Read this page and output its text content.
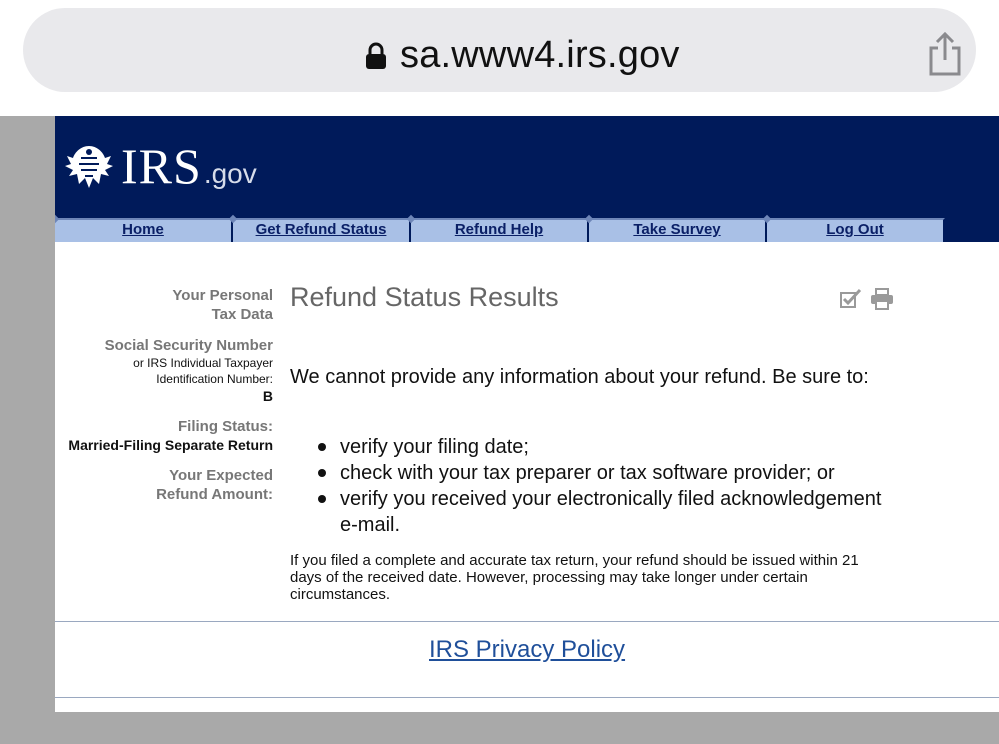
sa.www4.irs.gov
IRS .gov
Home	Get Refund Status	Refund Help	Take Survey	Log Out
Your Personal
Tax Data
Social Security Number
or IRS Individual Taxpayer
Identification Number:
B
Filing Status:
Married-Filing Separate Return
Your Expected
Refund Amount:
Refund Status Results

We cannot provide any information about your refund. Be sure to:

verify your filing date;
check with your tax preparer or tax software provider; or
verify you received your electronically filed acknowledgement e-mail.

If you filed a complete and accurate tax return, your refund should be issued within 21 days of the received date. However, processing may take longer under certain circumstances.

IRS Privacy Policy
